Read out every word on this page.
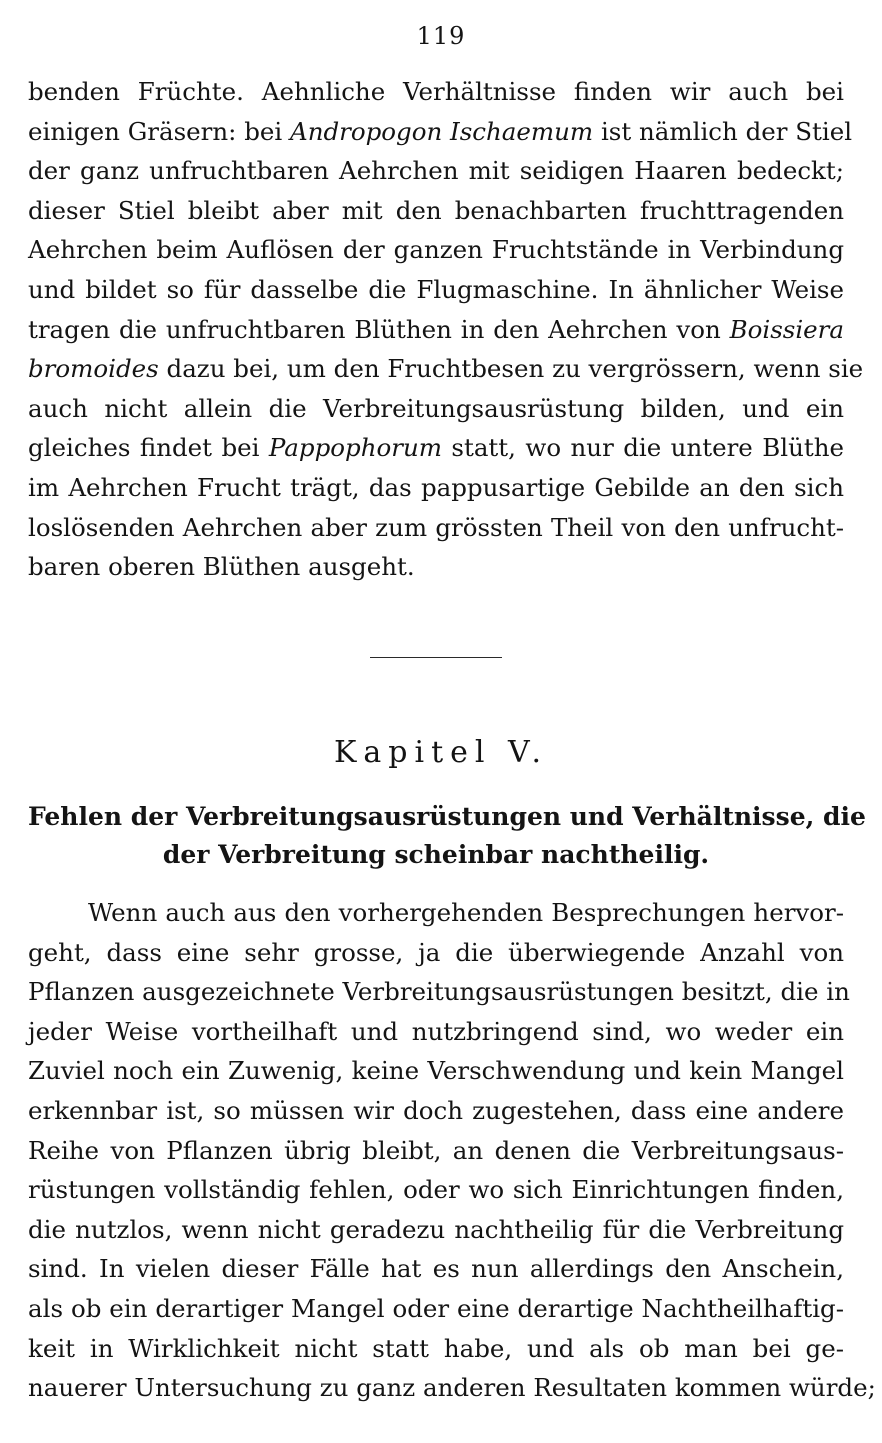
119
benden Früchte. Aehnliche Verhältnisse finden wir auch bei
einigen Gräsern: bei Andropogon Ischaemum ist nämlich der Stiel
der ganz unfruchtbaren Aehrchen mit seidigen Haaren bedeckt;
dieser Stiel bleibt aber mit den benachbarten fruchttragenden
Aehrchen beim Auflösen der ganzen Fruchtstände in Verbindung
und bildet so für dasselbe die Flugmaschine. In ähnlicher Weise
tragen die unfruchtbaren Blüthen in den Aehrchen von Boissiera
bromoides dazu bei, um den Fruchtbesen zu vergrössern, wenn sie
auch nicht allein die Verbreitungsausrüstung bilden, und ein
gleiches findet bei Pappophorum statt, wo nur die untere Blüthe
im Aehrchen Frucht trägt, das pappusartige Gebilde an den sich
loslösenden Aehrchen aber zum grössten Theil von den unfrucht-
baren oberen Blüthen ausgeht.
Kapitel V.
Fehlen der Verbreitungsausrüstungen und Verhältnisse, die
der Verbreitung scheinbar nachtheilig.
Wenn auch aus den vorhergehenden Besprechungen hervor-
geht, dass eine sehr grosse, ja die überwiegende Anzahl von
Pflanzen ausgezeichnete Verbreitungsausrüstungen besitzt, die in
jeder Weise vortheilhaft und nutzbringend sind, wo weder ein
Zuviel noch ein Zuwenig, keine Verschwendung und kein Mangel
erkennbar ist, so müssen wir doch zugestehen, dass eine andere
Reihe von Pflanzen übrig bleibt, an denen die Verbreitungsaus-
rüstungen vollständig fehlen, oder wo sich Einrichtungen finden,
die nutzlos, wenn nicht geradezu nachtheilig für die Verbreitung
sind. In vielen dieser Fälle hat es nun allerdings den Anschein,
als ob ein derartiger Mangel oder eine derartige Nachtheilhaftig-
keit in Wirklichkeit nicht statt habe, und als ob man bei ge-
nauerer Untersuchung zu ganz anderen Resultaten kommen würde;
